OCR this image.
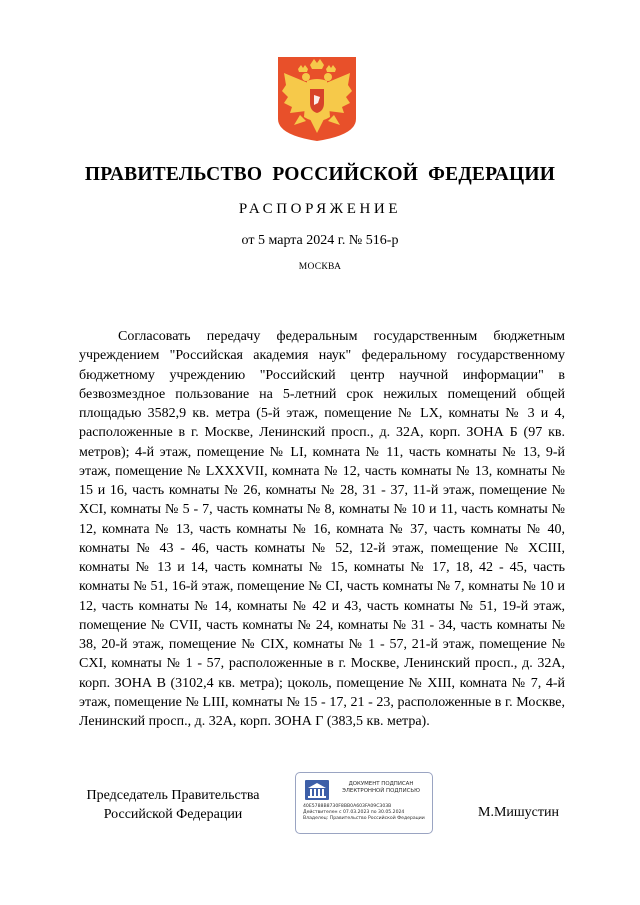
ПРАВИТЕЛЬСТВО РОССИЙСКОЙ ФЕДЕРАЦИИ
РАСПОРЯЖЕНИЕ
от 5 марта 2024 г. № 516-р
МОСКВА
Согласовать передачу федеральным государственным бюджетным учреждением "Российская академия наук" федеральному государственному бюджетному учреждению "Российский центр научной информации" в безвозмездное пользование на 5-летний срок нежилых помещений общей площадью 3582,9 кв. метра (5-й этаж, помещение № LX, комнаты № 3 и 4, расположенные в г. Москве, Ленинский просп., д. 32А, корп. ЗОНА Б (97 кв. метров); 4-й этаж, помещение № LI, комната № 11, часть комнаты № 13, 9-й этаж, помещение № LXXXVII, комната № 12, часть комнаты № 13, комнаты № 15 и 16, часть комнаты № 26, комнаты № 28, 31 - 37, 11-й этаж, помещение № XCI, комнаты № 5 - 7, часть комнаты № 8, комнаты № 10 и 11, часть комнаты № 12, комната № 13, часть комнаты № 16, комната № 37, часть комнаты № 40, комнаты № 43 - 46, часть комнаты № 52, 12-й этаж, помещение № XCIII, комнаты № 13 и 14, часть комнаты № 15, комнаты № 17, 18, 42 - 45, часть комнаты № 51, 16-й этаж, помещение № CI, часть комнаты № 7, комнаты № 10 и 12, часть комнаты № 14, комнаты № 42 и 43, часть комнаты № 51, 19-й этаж, помещение № CVII, часть комнаты № 24, комнаты № 31 - 34, часть комнаты № 38, 20-й этаж, помещение № CIX, комнаты № 1 - 57, 21-й этаж, помещение № CXI, комнаты № 1 - 57, расположенные в г. Москве, Ленинский просп., д. 32А, корп. ЗОНА В (3102,4 кв. метра); цоколь, помещение № XIII, комната № 7, 4-й этаж, помещение № LIII, комнаты № 15 - 17, 21 - 23, расположенные в г. Москве, Ленинский просп., д. 32А, корп. ЗОНА Г (383,5 кв. метра).
Председатель Правительства
Российской Федерации
ДОКУМЕНТ ПОДПИСАН
ЭЛЕКТРОННОЙ ПОДПИСЬЮ
40E5788B8730F8BB0A603FA09C303B
Действителен с 07.03.2023 по 30.05.2024
Владелец: Правительство Российской Федерации	М.Мишустин
